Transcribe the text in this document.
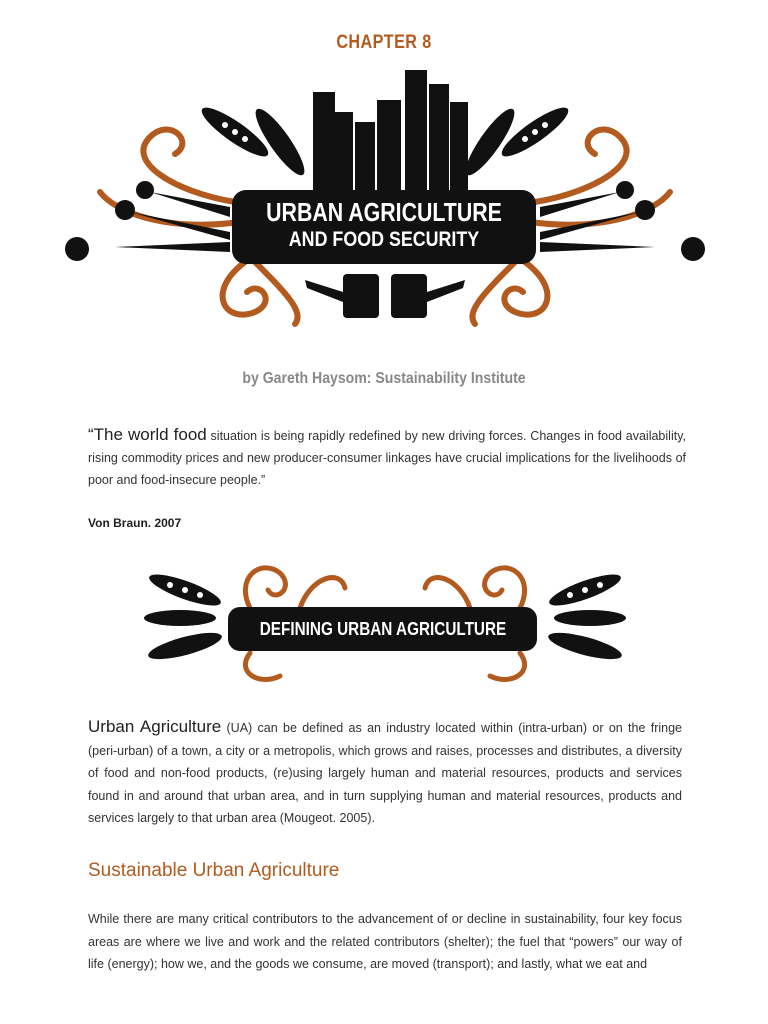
CHAPTER 8
URBAN AGRICULTURE
AND FOOD SECURITY
by Gareth Haysom: Sustainability Institute
“The world food situation is being rapidly redefined by new driving forces. Changes in food availability, rising commodity prices and new producer-consumer linkages have crucial implications for the livelihoods of poor and food-insecure people.”
Von Braun. 2007
DEFINING URBAN AGRICULTURE
Urban Agriculture (UA) can be defined as an industry located within (intra-urban) or on the fringe (peri-urban) of a town, a city or a metropolis, which grows and raises, processes and distributes, a diversity of food and non-food products, (re)using largely human and material resources, products and services found in and around that urban area, and in turn supplying human and material resources, products and services largely to that urban area (Mougeot. 2005).
Sustainable Urban Agriculture
While there are many critical contributors to the advancement of or decline in sustainability, four key focus areas are where we live and work and the related contributors (shelter); the fuel that “powers” our way of life (energy); how we, and the goods we consume, are moved (transport); and lastly, what we eat and
